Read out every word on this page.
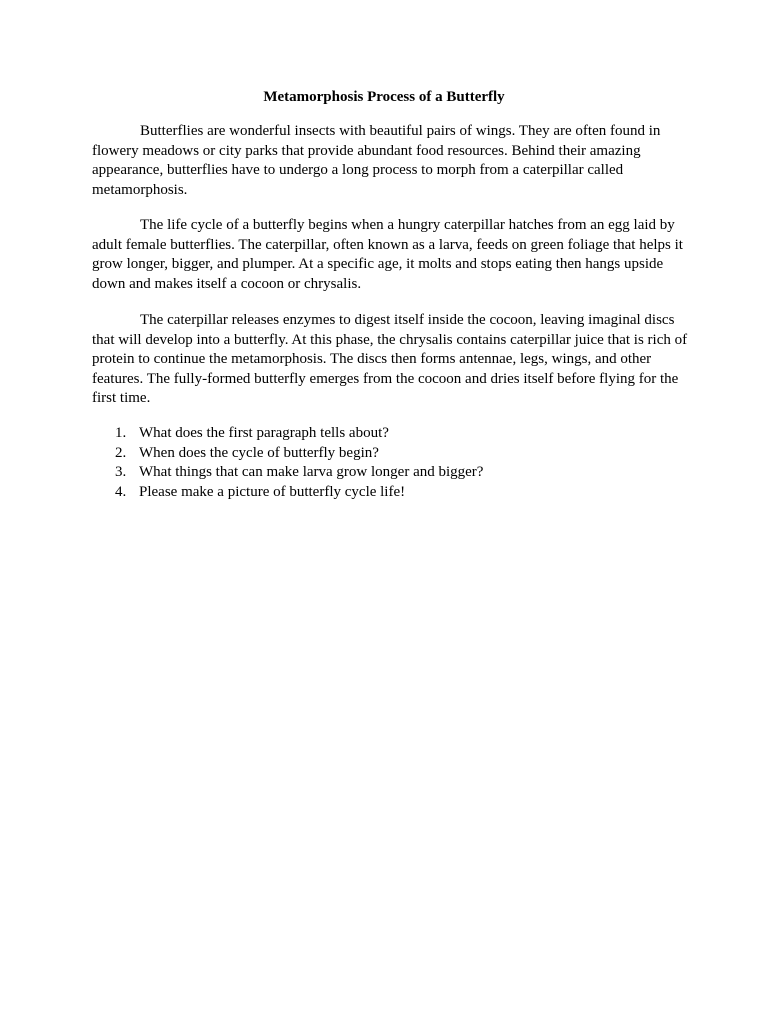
Metamorphosis Process of a Butterfly

Butterflies are wonderful insects with beautiful pairs of wings. They are often found in flowery meadows or city parks that provide abundant food resources. Behind their amazing appearance, butterflies have to undergo a long process to morph from a caterpillar called metamorphosis.

The life cycle of a butterfly begins when a hungry caterpillar hatches from an egg laid by adult female butterflies. The caterpillar, often known as a larva, feeds on green foliage that helps it grow longer, bigger, and plumper. At a specific age, it molts and stops eating then hangs upside down and makes itself a cocoon or chrysalis.

The caterpillar releases enzymes to digest itself inside the cocoon, leaving imaginal discs that will develop into a butterfly. At this phase, the chrysalis contains caterpillar juice that is rich of protein to continue the metamorphosis. The discs then forms antennae, legs, wings, and other features. The fully-formed butterfly emerges from the cocoon and dries itself before flying for the first time.

1. What does the first paragraph tells about?
2. When does the cycle of butterfly begin?
3. What things that can make larva grow longer and bigger?
4. Please make a picture of butterfly cycle life!
